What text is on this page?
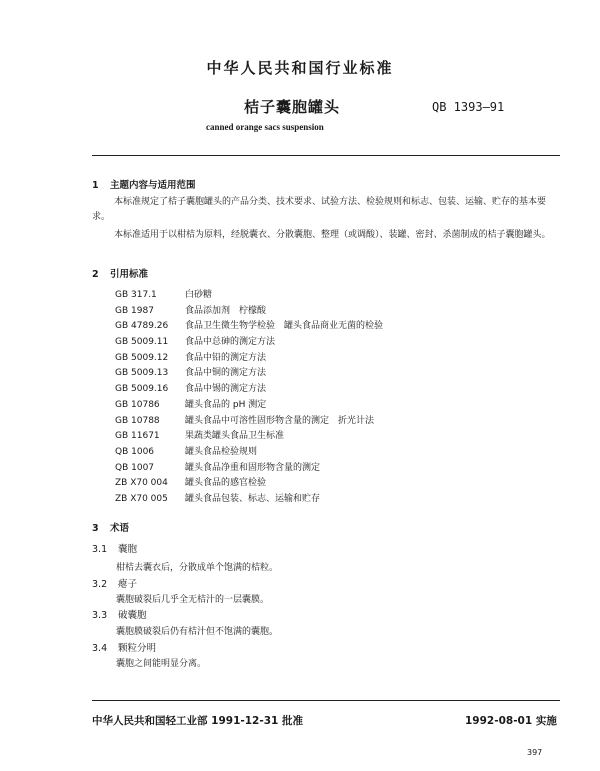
中华人民共和国行业标准
桔子囊胞罐头	QB 1393—91
canned orange sacs suspension
1 主题内容与适用范围
本标准规定了桔子囊胞罐头的产品分类、技术要求、试验方法、检验规则和标志、包装、运输、贮存的基本要求。
本标准适用于以柑桔为原料，经脱囊衣、分散囊胞、整理（或调酸）、装罐、密封、杀菌制成的桔子囊胞罐头。
2 引用标准
GB 317.1	白砂糖
GB 1987	食品添加剂　柠檬酸
GB 4789.26 食品卫生微生物学检验　罐头食品商业无菌的检验
GB 5009.11 食品中总砷的测定方法
GB 5009.12 食品中铅的测定方法
GB 5009.13 食品中铜的测定方法
GB 5009.16 食品中锡的测定方法
GB 10786	罐头食品的 pH 测定
GB 10788	罐头食品中可溶性固形物含量的测定　折光计法
GB 11671	果蔬类罐头食品卫生标准
QB 1006	罐头食品检验规则
QB 1007	罐头食品净重和固形物含量的测定
ZB X70 004 罐头食品的感官检验
ZB X70 005 罐头食品包装、标志、运输和贮存
3 术语
3.1 囊胞
柑桔去囊衣后，分散成单个饱满的桔粒。
3.2 瘪子
囊胞破裂后几乎全无桔汁的一层囊膜。
3.3 破囊胞
囊胞膜破裂后仍有桔汁但不饱满的囊胞。
3.4 颗粒分明
囊胞之间能明显分离。
中华人民共和国轻工业部 1991-12-31 批准	1992-08-01 实施
397
